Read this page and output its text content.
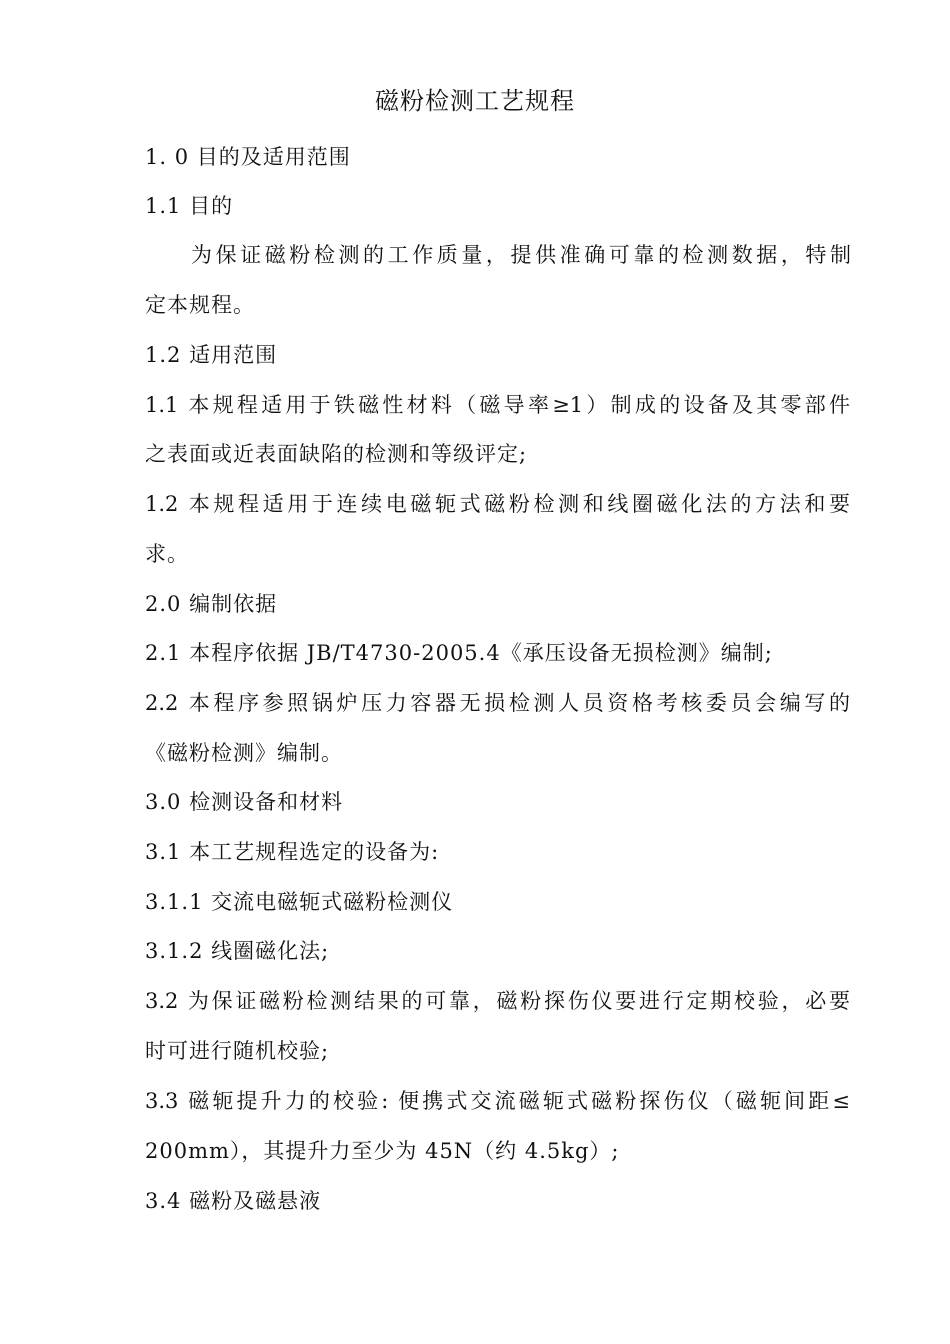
磁粉检测工艺规程
1. 0 目的及适用范围
1.1 目的
为保证磁粉检测的工作质量，提供准确可靠的检测数据，特制
定本规程。
1.2 适用范围
1.1 本规程适用于铁磁性材料（磁导率≥1）制成的设备及其零部件
之表面或近表面缺陷的检测和等级评定;
1.2 本规程适用于连续电磁轭式磁粉检测和线圈磁化法的方法和要
求。
2.0 编制依据
2.1 本程序依据 JB/T4730-2005.4《承压设备无损检测》编制;
2.2 本程序参照锅炉压力容器无损检测人员资格考核委员会编写的
《磁粉检测》编制。
3.0 检测设备和材料
3.1 本工艺规程选定的设备为:
3.1.1 交流电磁轭式磁粉检测仪
3.1.2 线圈磁化法;
3.2 为保证磁粉检测结果的可靠，磁粉探伤仪要进行定期校验，必要
时可进行随机校验;
3.3 磁轭提升力的校验: 便携式交流磁轭式磁粉探伤仪（磁轭间距≤
200mm），其提升力至少为 45N（约 4.5kg）;
3.4 磁粉及磁悬液
